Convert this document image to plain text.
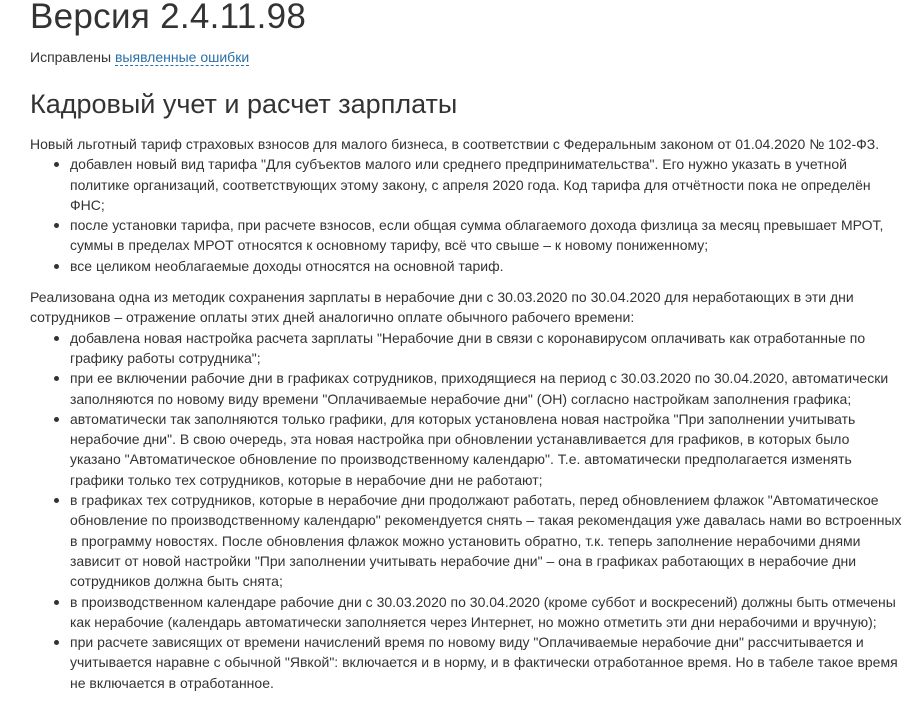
Версия 2.4.11.98
Исправлены выявленные ошибки
Кадровый учет и расчет зарплаты

Новый льготный тариф страховых взносов для малого бизнеса, в соответствии с Федеральным законом от 01.04.2020 № 102-ФЗ.

добавлен новый вид тарифа "Для субъектов малого или среднего предпринимательства". Его нужно указать в учетной политике организаций, соответствующих этому закону, с апреля 2020 года. Код тарифа для отчётности пока не определён ФНС;
после установки тарифа, при расчете взносов, если общая сумма облагаемого дохода физлица за месяц превышает МРОТ, суммы в пределах МРОТ относятся к основному тарифу, всё что свыше – к новому пониженному;
все целиком необлагаемые доходы относятся на основной тариф.

Реализована одна из методик сохранения зарплаты в нерабочие дни с 30.03.2020 по 30.04.2020 для неработающих в эти дни сотрудников – отражение оплаты этих дней аналогично оплате обычного рабочего времени:

добавлена новая настройка расчета зарплаты "Нерабочие дни в связи с коронавирусом оплачивать как отработанные по графику работы сотрудника";
при ее включении рабочие дни в графиках сотрудников, приходящиеся на период с 30.03.2020 по 30.04.2020, автоматически заполняются по новому виду времени "Оплачиваемые нерабочие дни" (ОН) согласно настройкам заполнения графика;
автоматически так заполняются только графики, для которых установлена новая настройка "При заполнении учитывать нерабочие дни". В свою очередь, эта новая настройка при обновлении устанавливается для графиков, в которых было указано "Автоматическое обновление по производственному календарю". Т.е. автоматически предполагается изменять графики только тех сотрудников, которые в нерабочие дни не работают;
в графиках тех сотрудников, которые в нерабочие дни продолжают работать, перед обновлением флажок "Автоматическое обновление по производственному календарю" рекомендуется снять – такая рекомендация уже давалась нами во встроенных в программу новостях. После обновления флажок можно установить обратно, т.к. теперь заполнение нерабочими днями зависит от новой настройки "При заполнении учитывать нерабочие дни" – она в графиках работающих в нерабочие дни сотрудников должна быть снята;
в производственном календаре рабочие дни с 30.03.2020 по 30.04.2020 (кроме суббот и воскресений) должны быть отмечены как нерабочие (календарь автоматически заполняется через Интернет, но можно отметить эти дни нерабочими и вручную);
при расчете зависящих от времени начислений время по новому виду "Оплачиваемые нерабочие дни" рассчитывается и учитывается наравне с обычной "Явкой": включается и в норму, и в фактически отработанное время. Но в табеле такое время не включается в отработанное.
